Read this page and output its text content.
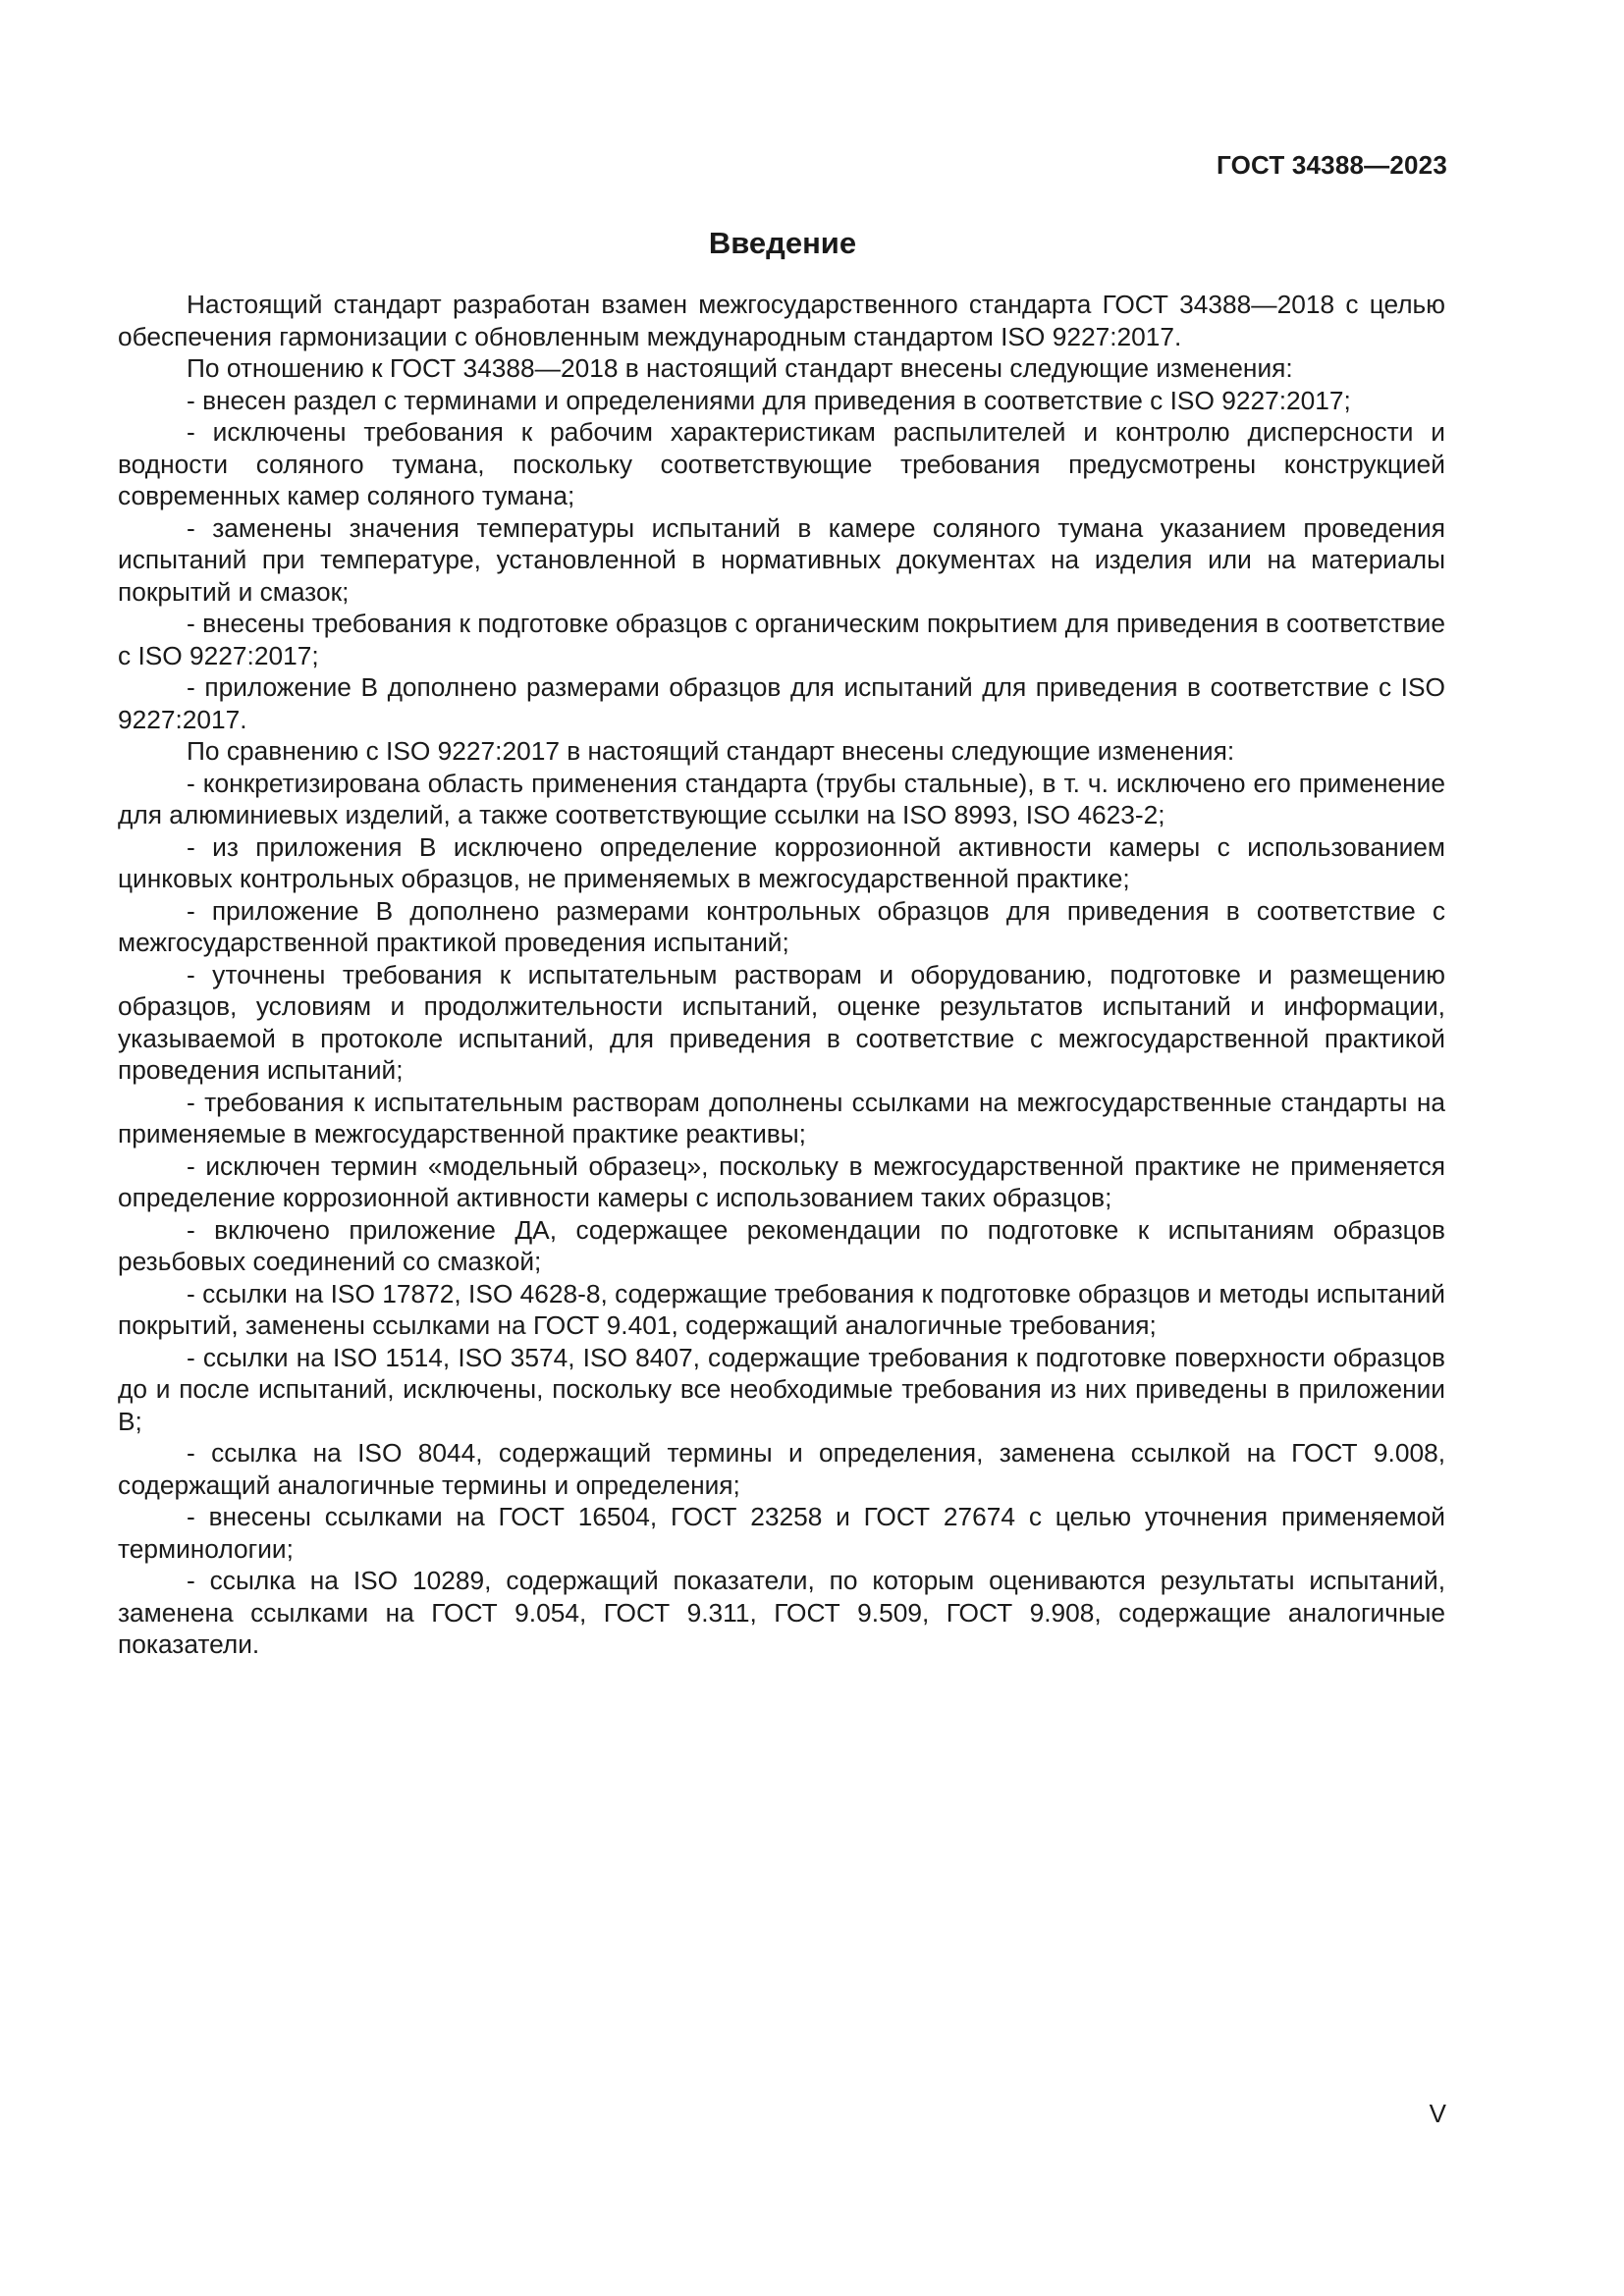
ГОСТ 34388—2023

Введение

Настоящий стандарт разработан взамен межгосударственного стандарта ГОСТ 34388—2018 с целью обеспечения гармонизации с обновленным международным стандартом ISO 9227:2017.

По отношению к ГОСТ 34388—2018 в настоящий стандарт внесены следующие изменения:

- внесен раздел с терминами и определениями для приведения в соответствие с ISO 9227:2017;

- исключены требования к рабочим характеристикам распылителей и контролю дисперсности и водности соляного тумана, поскольку соответствующие требования предусмотрены конструкцией современных камер соляного тумана;

- заменены значения температуры испытаний в камере соляного тумана указанием проведения испытаний при температуре, установленной в нормативных документах на изделия или на материалы покрытий и смазок;

- внесены требования к подготовке образцов с органическим покрытием для приведения в соответствие с ISO 9227:2017;

- приложение В дополнено размерами образцов для испытаний для приведения в соответствие с ISO 9227:2017.

По сравнению с ISO 9227:2017 в настоящий стандарт внесены следующие изменения:

- конкретизирована область применения стандарта (трубы стальные), в т. ч. исключено его применение для алюминиевых изделий, а также соответствующие ссылки на ISO 8993, ISO 4623-2;

- из приложения В исключено определение коррозионной активности камеры с использованием цинковых контрольных образцов, не применяемых в межгосударственной практике;

- приложение В дополнено размерами контрольных образцов для приведения в соответствие с межгосударственной практикой проведения испытаний;

- уточнены требования к испытательным растворам и оборудованию, подготовке и размещению образцов, условиям и продолжительности испытаний, оценке результатов испытаний и информации, указываемой в протоколе испытаний, для приведения в соответствие с межгосударственной практикой проведения испытаний;

- требования к испытательным растворам дополнены ссылками на межгосударственные стандарты на применяемые в межгосударственной практике реактивы;

- исключен термин «модельный образец», поскольку в межгосударственной практике не применяется определение коррозионной активности камеры с использованием таких образцов;

- включено приложение ДА, содержащее рекомендации по подготовке к испытаниям образцов резьбовых соединений со смазкой;

- ссылки на ISO 17872, ISO 4628-8, содержащие требования к подготовке образцов и методы испытаний покрытий, заменены ссылками на ГОСТ 9.401, содержащий аналогичные требования;

- ссылки на ISO 1514, ISO 3574, ISO 8407, содержащие требования к подготовке поверхности образцов до и после испытаний, исключены, поскольку все необходимые требования из них приведены в приложении В;

- ссылка на ISO 8044, содержащий термины и определения, заменена ссылкой на ГОСТ 9.008, содержащий аналогичные термины и определения;

- внесены ссылками на ГОСТ 16504, ГОСТ 23258 и ГОСТ 27674 с целью уточнения применяемой терминологии;

- ссылка на ISO 10289, содержащий показатели, по которым оцениваются результаты испытаний, заменена ссылками на ГОСТ 9.054, ГОСТ 9.311, ГОСТ 9.509, ГОСТ 9.908, содержащие аналогичные показатели.

V
